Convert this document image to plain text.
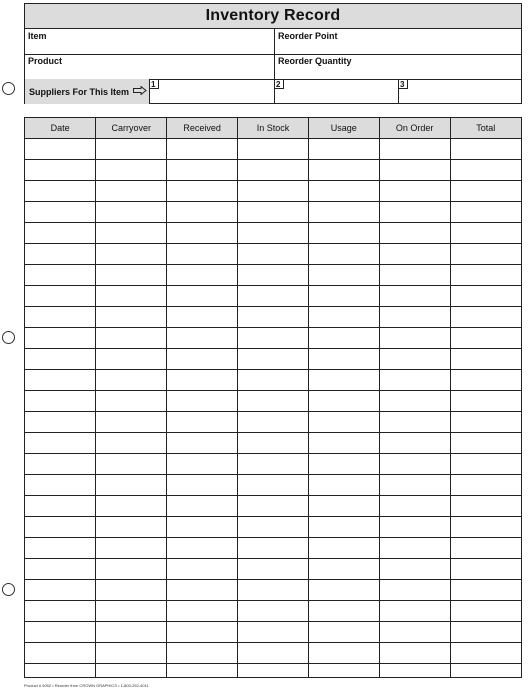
Inventory Record
Item	Reorder Point
Product	Reorder Quantity
Suppliers For This Item
1	2	3
Date	Carryover	Received	In Stock	Usage	On Order	Total

Product # 5052 • Reorder from CROWN GRAPHICS • 1-800-252-4011
